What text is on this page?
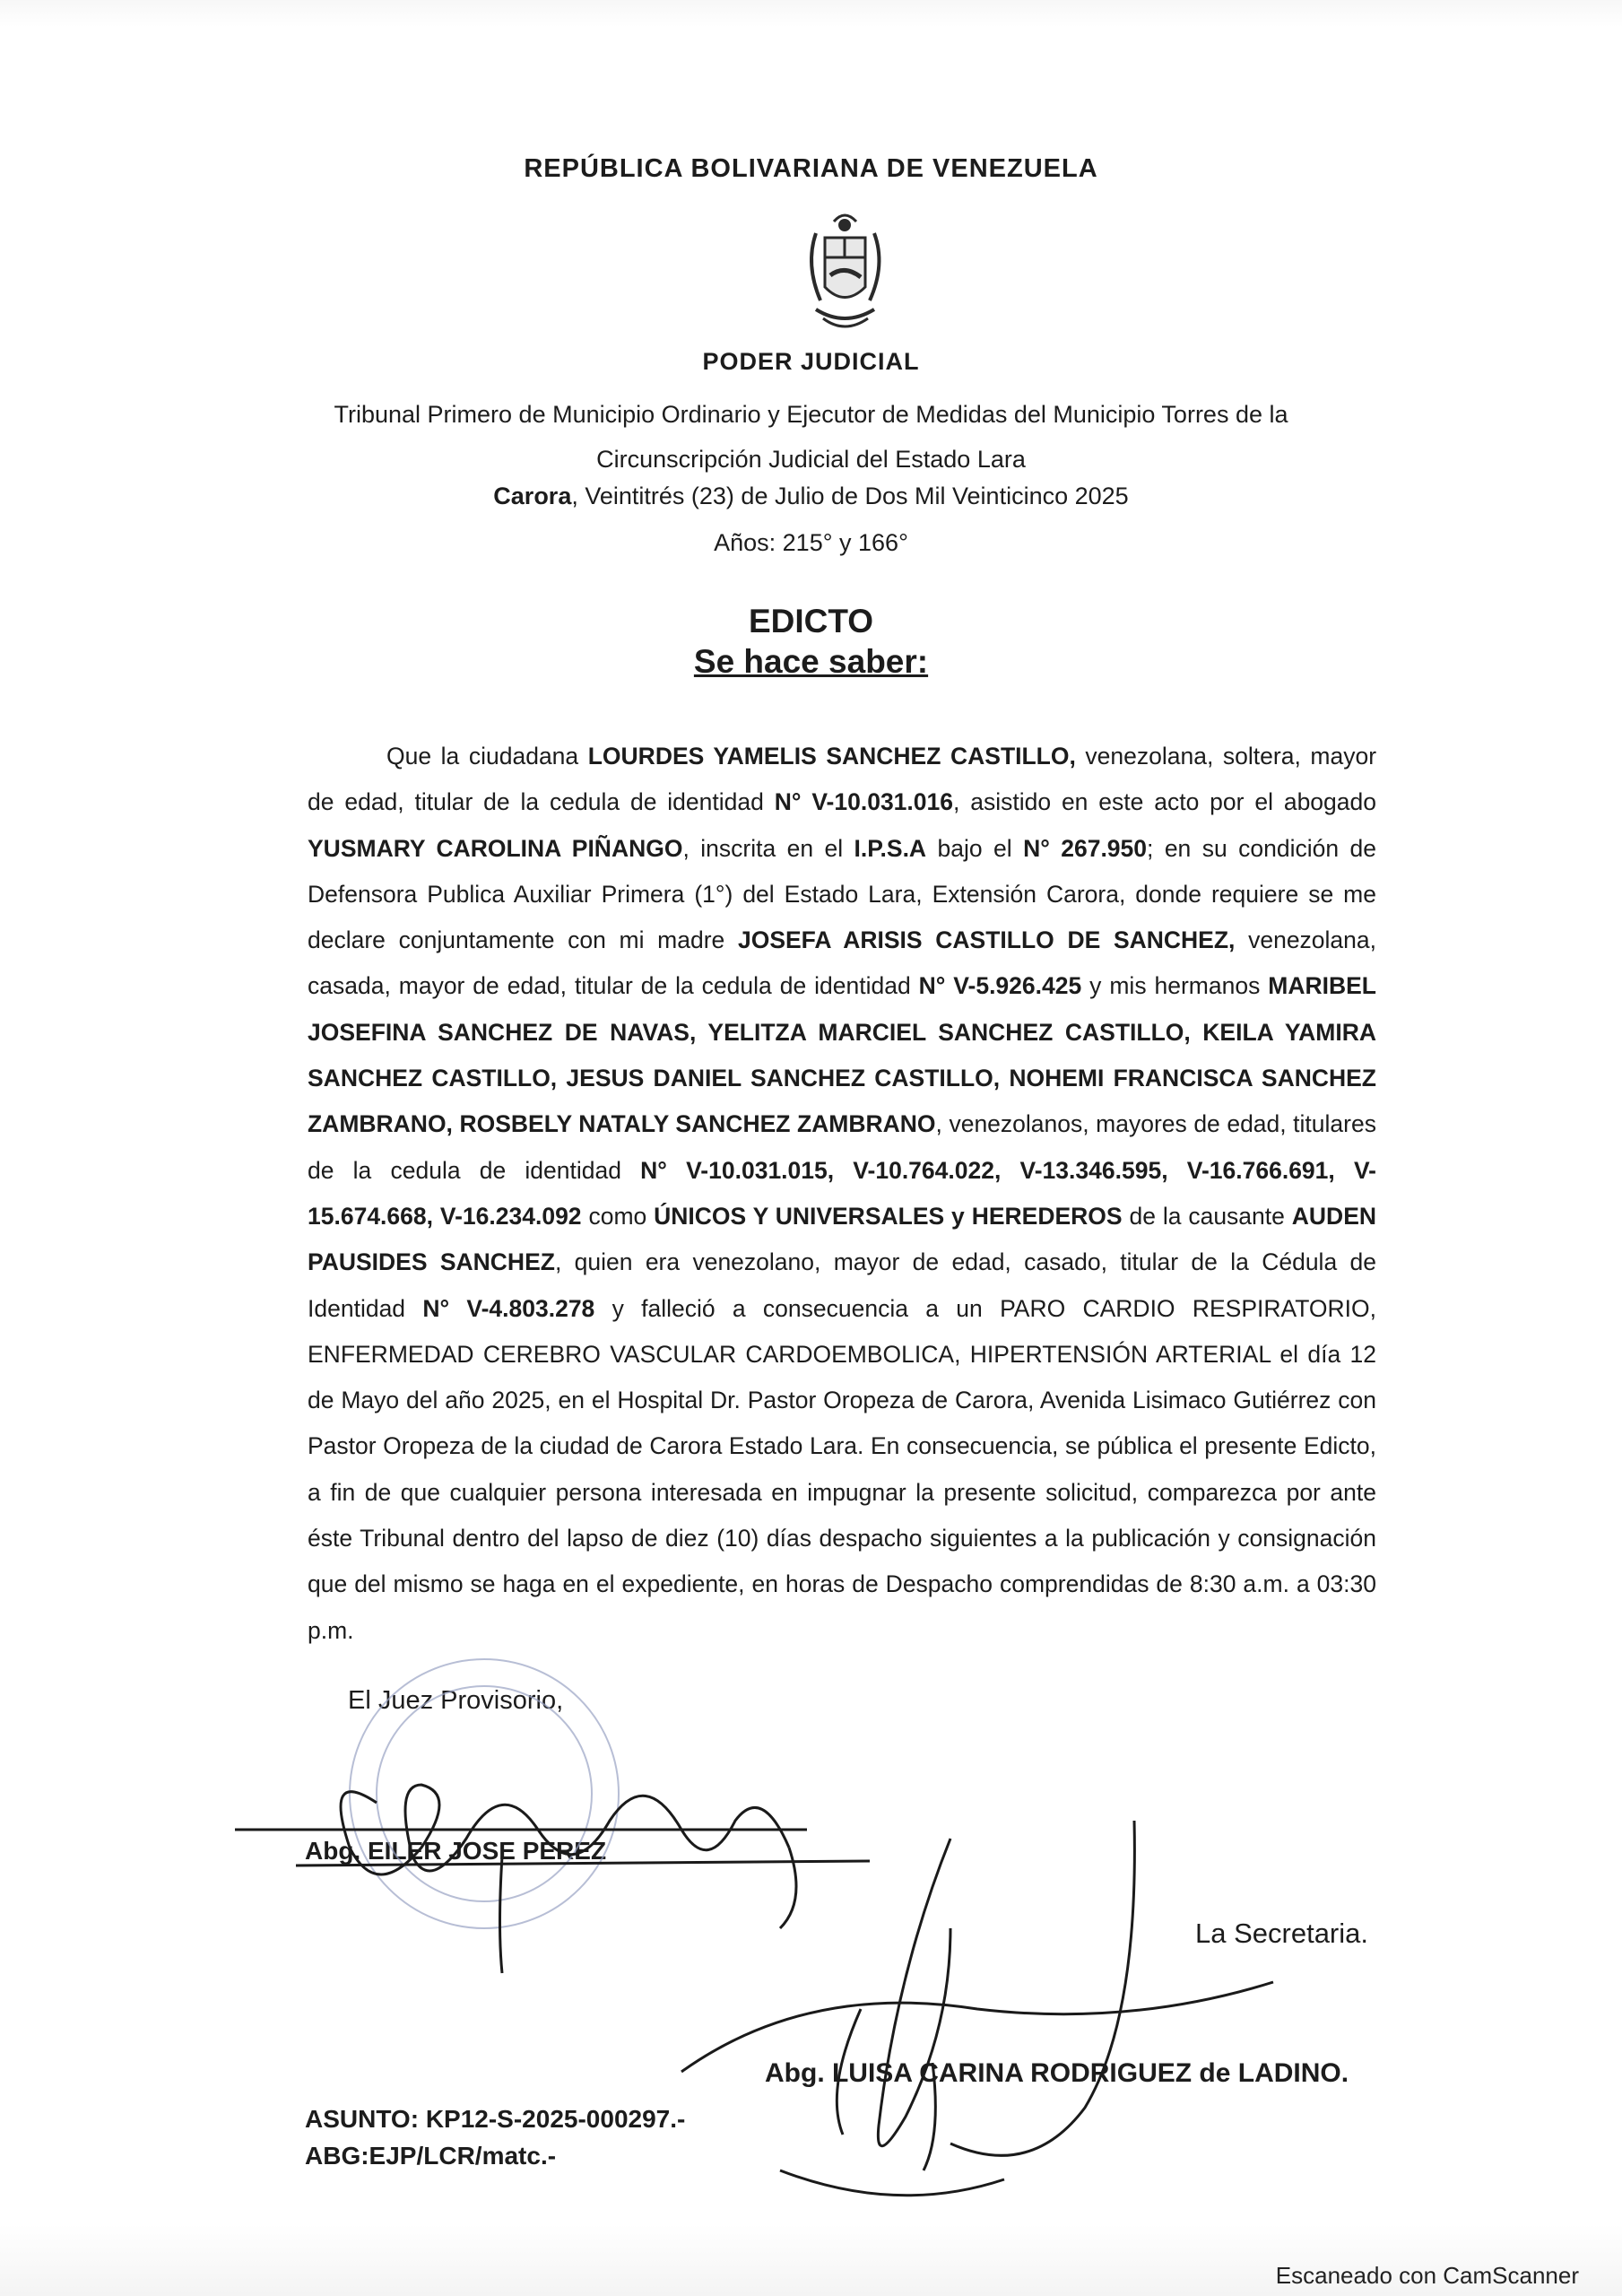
REPÚBLICA BOLIVARIANA DE VENEZUELA
PODER JUDICIAL
Tribunal Primero de Municipio Ordinario y Ejecutor de Medidas del Municipio Torres de la
Circunscripción Judicial del Estado Lara
Carora, Veintitrés (23) de Julio de Dos Mil Veinticinco 2025
Años: 215° y 166°
EDICTO
Se hace saber:
Que la ciudadana LOURDES YAMELIS SANCHEZ CASTILLO, venezolana, soltera, mayor de edad, titular de la cedula de identidad N° V-10.031.016, asistido en este acto por el abogado YUSMARY CAROLINA PIÑANGO, inscrita en el I.P.S.A bajo el N° 267.950; en su condición de Defensora Publica Auxiliar Primera (1°) del Estado Lara, Extensión Carora, donde requiere se me declare conjuntamente con mi madre JOSEFA ARISIS CASTILLO DE SANCHEZ, venezolana, casada, mayor de edad, titular de la cedula de identidad N° V-5.926.425 y mis hermanos MARIBEL JOSEFINA SANCHEZ DE NAVAS, YELITZA MARCIEL SANCHEZ CASTILLO, KEILA YAMIRA SANCHEZ CASTILLO, JESUS DANIEL SANCHEZ CASTILLO, NOHEMI FRANCISCA SANCHEZ ZAMBRANO, ROSBELY NATALY SANCHEZ ZAMBRANO, venezolanos, mayores de edad, titulares de la cedula de identidad N° V-10.031.015, V-10.764.022, V-13.346.595, V-16.766.691, V-15.674.668, V-16.234.092 como ÚNICOS Y UNIVERSALES y HEREDEROS de la causante AUDEN PAUSIDES SANCHEZ, quien era venezolano, mayor de edad, casado, titular de la Cédula de Identidad N° V-4.803.278 y falleció a consecuencia a un PARO CARDIO RESPIRATORIO, ENFERMEDAD CEREBRO VASCULAR CARDOEMBOLICA, HIPERTENSIÓN ARTERIAL el día 12 de Mayo del año 2025, en el Hospital Dr. Pastor Oropeza de Carora, Avenida Lisimaco Gutiérrez con Pastor Oropeza de la ciudad de Carora Estado Lara. En consecuencia, se pública el presente Edicto, a fin de que cualquier persona interesada en impugnar la presente solicitud, comparezca por ante éste Tribunal dentro del lapso de diez (10) días despacho siguientes a la publicación y consignación que del mismo se haga en el expediente, en horas de Despacho comprendidas de 8:30 a.m. a 03:30 p.m.
El Juez Provisorio,
Abg. EILER JOSE PEREZ
La Secretaria.
Abg. LUISA CARINA RODRIGUEZ de LADINO.
ASUNTO: KP12-S-2025-000297.-
ABG:EJP/LCR/matc.-
Escaneado con CamScanner
